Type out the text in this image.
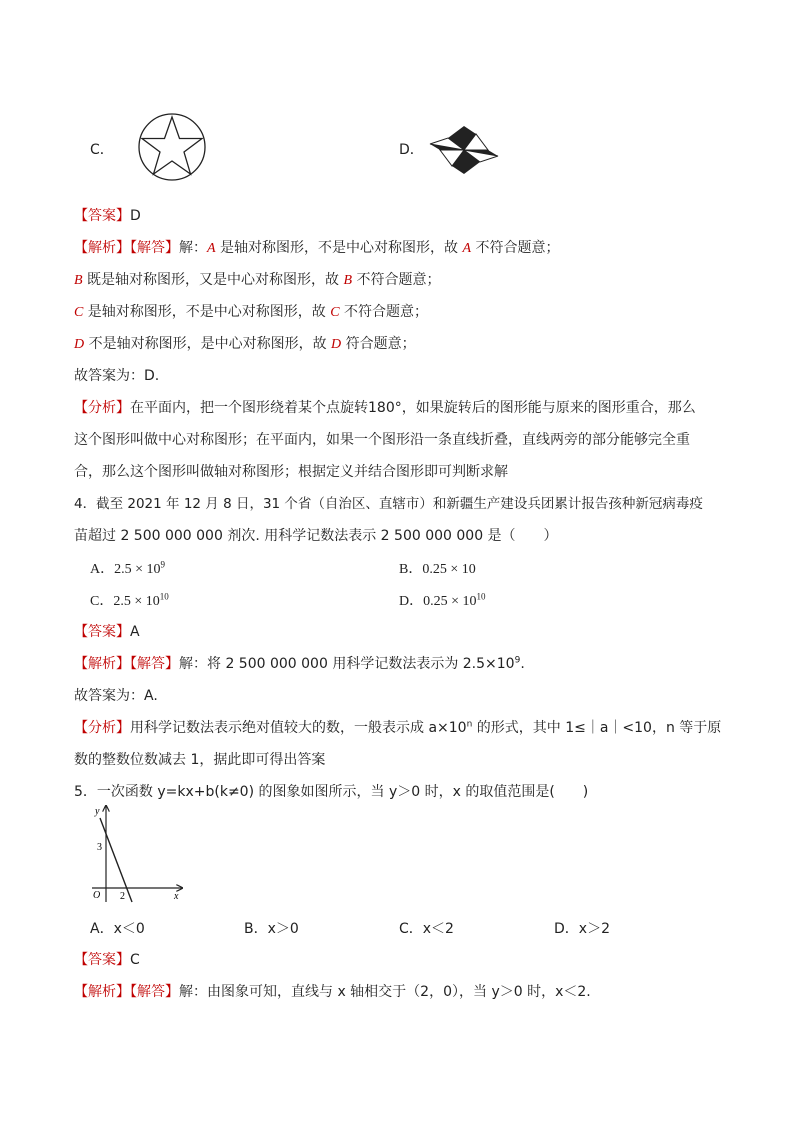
C．	D．
【答案】D
【解析】【解答】解：A 是轴对称图形，不是中心对称图形，故 A 不符合题意；
B 既是轴对称图形，又是中心对称图形，故 B 不符合题意；
C 是轴对称图形，不是中心对称图形，故 C 不符合题意；
D 不是轴对称图形，是中心对称图形，故 D 符合题意；
故答案为：D.
【分析】在平面内，把一个图形绕着某个点旋转180°，如果旋转后的图形能与原来的图形重合，那么
这个图形叫做中心对称图形；在平面内，如果一个图形沿一条直线折叠，直线两旁的部分能够完全重
合，那么这个图形叫做轴对称图形；根据定义并结合图形即可判断求解
4．截至 2021 年 12 月 8 日，31 个省（自治区、直辖市）和新疆生产建设兵团累计报告孩种新冠病毒疫
苗超过 2 500 000 000 剂次. 用科学记数法表示 2 500 000 000 是（　　）
A．$2.5 \times 10^9$	B．0.25 × 10
C．$2.5 \times 10^{10}$	D．$0.25 \times 10^{10}$
【答案】A
【解析】【解答】解：将 2 500 000 000 用科学记数法表示为 $2.5\times 10^9$.
故答案为：A.
【分析】用科学记数法表示绝对值较大的数，一般表示成 $a\times 10^n$ 的形式，其中 1≤｜a｜<10，n 等于原
数的整数位数减去 1，据此即可得出答案
5．一次函数 y=kx+b(k≠0) 的图象如图所示，当 y＞0 时，x 的取值范围是(　　)
y
x
O
3
2
A．x＜0	B．x＞0	C．x＜2	D．x＞2
【答案】C
【解析】【解答】解：由图象可知，直线与 x 轴相交于（2，0），当 y＞0 时，x＜2.
